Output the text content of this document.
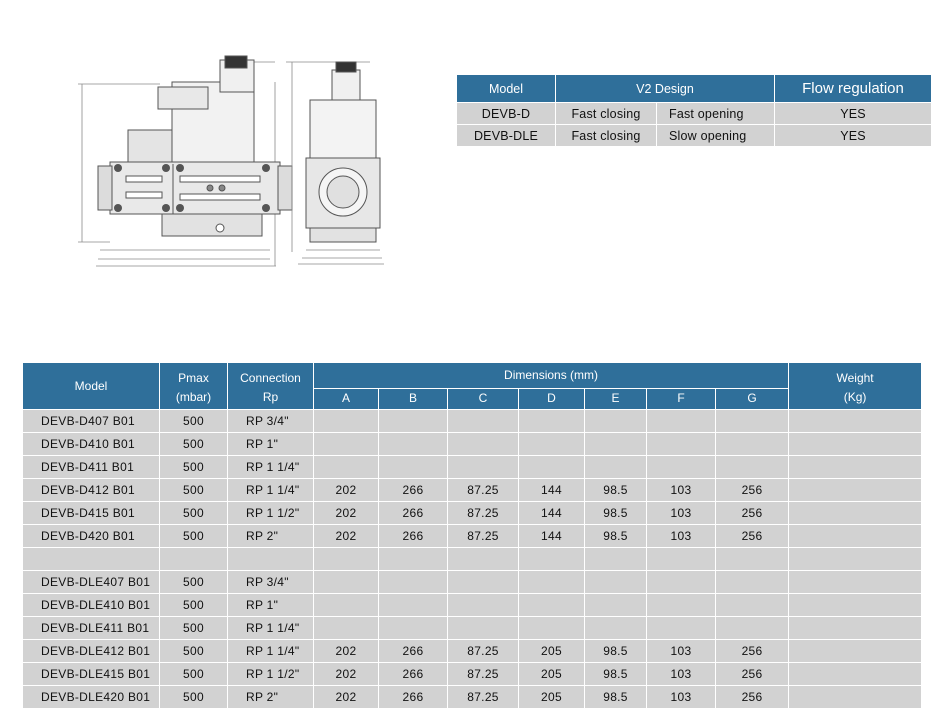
Model	V2 Design		Flow regulation
DEVB-D	Fast closing	Fast opening	YES
DEVB-DLE	Fast closing	Slow opening	YES
Model	Pmax	Connection	Dimensions (mm)							Weight
	(mbar)	Rp	A	B	C	D	E	F	G	(Kg)
DEVB-D407 B01	500	RP 3/4"								
DEVB-D410 B01	500	RP 1"								
DEVB-D411 B01	500	RP 1 1/4"								
DEVB-D412 B01	500	RP 1 1/4"	202	266	87.25	144	98.5	103	256	
DEVB-D415 B01	500	RP 1 1/2"	202	266	87.25	144	98.5	103	256	
DEVB-D420 B01	500	RP 2"	202	266	87.25	144	98.5	103	256	

DEVB-DLE407 B01	500	RP 3/4"								
DEVB-DLE410 B01	500	RP 1"								
DEVB-DLE411 B01	500	RP 1 1/4"								
DEVB-DLE412 B01	500	RP 1 1/4"	202	266	87.25	205	98.5	103	256	
DEVB-DLE415 B01	500	RP 1 1/2"	202	266	87.25	205	98.5	103	256	
DEVB-DLE420 B01	500	RP 2"	202	266	87.25	205	98.5	103	256	
